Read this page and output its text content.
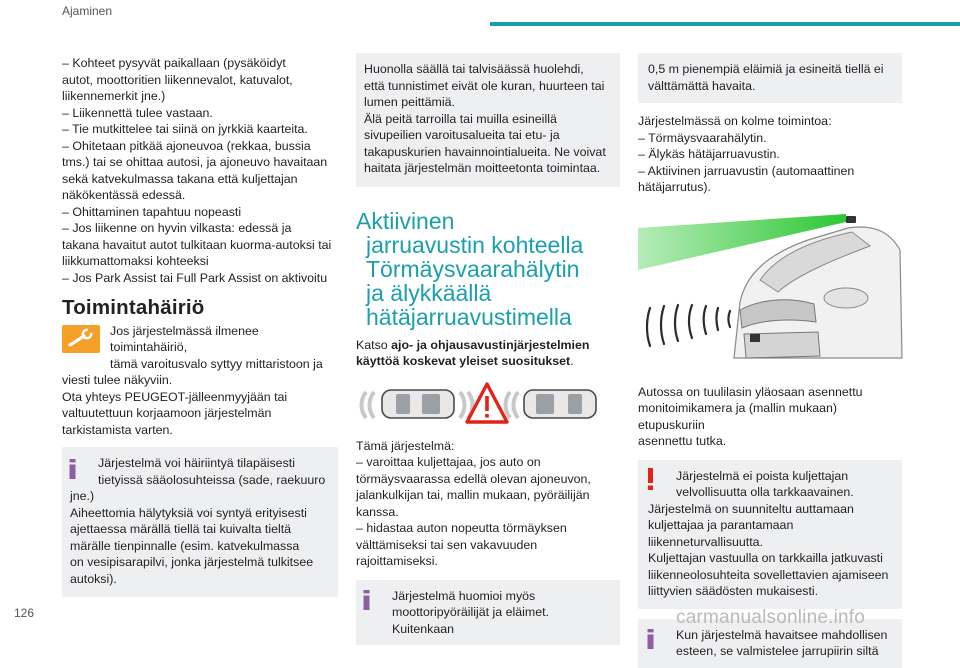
Ajaminen
– Kohteet pysyvät paikallaan (pysäköidyt
autot, moottoritien liikennevalot, katuvalot,
liikennemerkit jne.)
– Liikennettä tulee vastaan.
– Tie mutkittelee tai siinä on jyrkkiä kaarteita.
– Ohitetaan pitkää ajoneuvoa (rekkaa, bussia
tms.) tai se ohittaa autosi, ja ajoneuvo havaitaan
sekä katvekulmassa takana että kuljettajan
näkökentässä edessä.
– Ohittaminen tapahtuu nopeasti
– Jos liikenne on hyvin vilkasta: edessä ja
takana havaitut autot tulkitaan kuorma-autoksi tai
liikkumattomaksi kohteeksi
– Jos Park Assist tai Full Park Assist on aktivoitu
Toimintahäiriö
Jos järjestelmässä ilmenee toimintahäiriö,
tämä varoitusvalo syttyy mittaristoon ja
viesti tulee näkyviin.
Ota yhteys PEUGEOT-jälleenmyyjään tai
valtuutettuun korjaamoon järjestelmän
tarkistamista varten.
Järjestelmä voi häiriintyä tilapäisesti
tietyissä sääolosuhteissa (sade, raekuuro
jne.)
Aiheettomia hälytyksiä voi syntyä erityisesti
ajettaessa märällä tiellä tai kuivalta tieltä
märälle tienpinnalle (esim. katvekulmassa
on vesipisarapilvi, jonka järjestelmä tulkitsee
autoksi).
Huonolla säällä tai talvisäässä huolehdi,
että tunnistimet eivät ole kuran, huurteen tai
lumen peittämiä.
Älä peitä tarroilla tai muilla esineillä
sivupeilien varoitusalueita tai etu- ja
takapuskurien havainnointialueita. Ne voivat
haitata järjestelmän moitteetonta toimintaa.
Aktiivinen
jarruavustin kohteella
Törmäysvaarahälytin
ja älykkäällä
hätäjarruavustimella
Katso ajo- ja ohjausavustinjärjestelmien
käyttöä koskevat yleiset suositukset.
Tämä järjestelmä:
– varoittaa kuljettajaa, jos auto on
törmäysvaarassa edellä olevan ajoneuvon,
jalankulkijan tai, mallin mukaan, pyöräilijän
kanssa.
– hidastaa auton nopeutta törmäyksen
välttämiseksi tai sen vakavuuden rajoittamiseksi.
Järjestelmä huomioi myös
moottoripyöräilijät ja eläimet. Kuitenkaan
0,5 m pienempiä eläimiä ja esineitä tiellä ei
välttämättä havaita.
Järjestelmässä on kolme toimintoa:
– Törmäysvaarahälytin.
– Älykäs hätäjarruavustin.
– Aktiivinen jarruavustin (automaattinen
hätäjarrutus).
Autossa on tuulilasin yläosaan asennettu
monitoimikamera ja (mallin mukaan) etupuskuriin
asennettu tutka.
Järjestelmä ei poista kuljettajan
velvollisuutta olla tarkkaavainen.
Järjestelmä on suunniteltu auttamaan
kuljettajaa ja parantamaan
liikenneturvallisuutta.
Kuljettajan vastuulla on tarkkailla jatkuvasti
liikenneolosuhteita sovellettavien ajamiseen
liittyvien säädösten mukaisesti.
Kun järjestelmä havaitsee mahdollisen
esteen, se valmistelee jarrupiirin siltä
126	carmanualsonline.info
